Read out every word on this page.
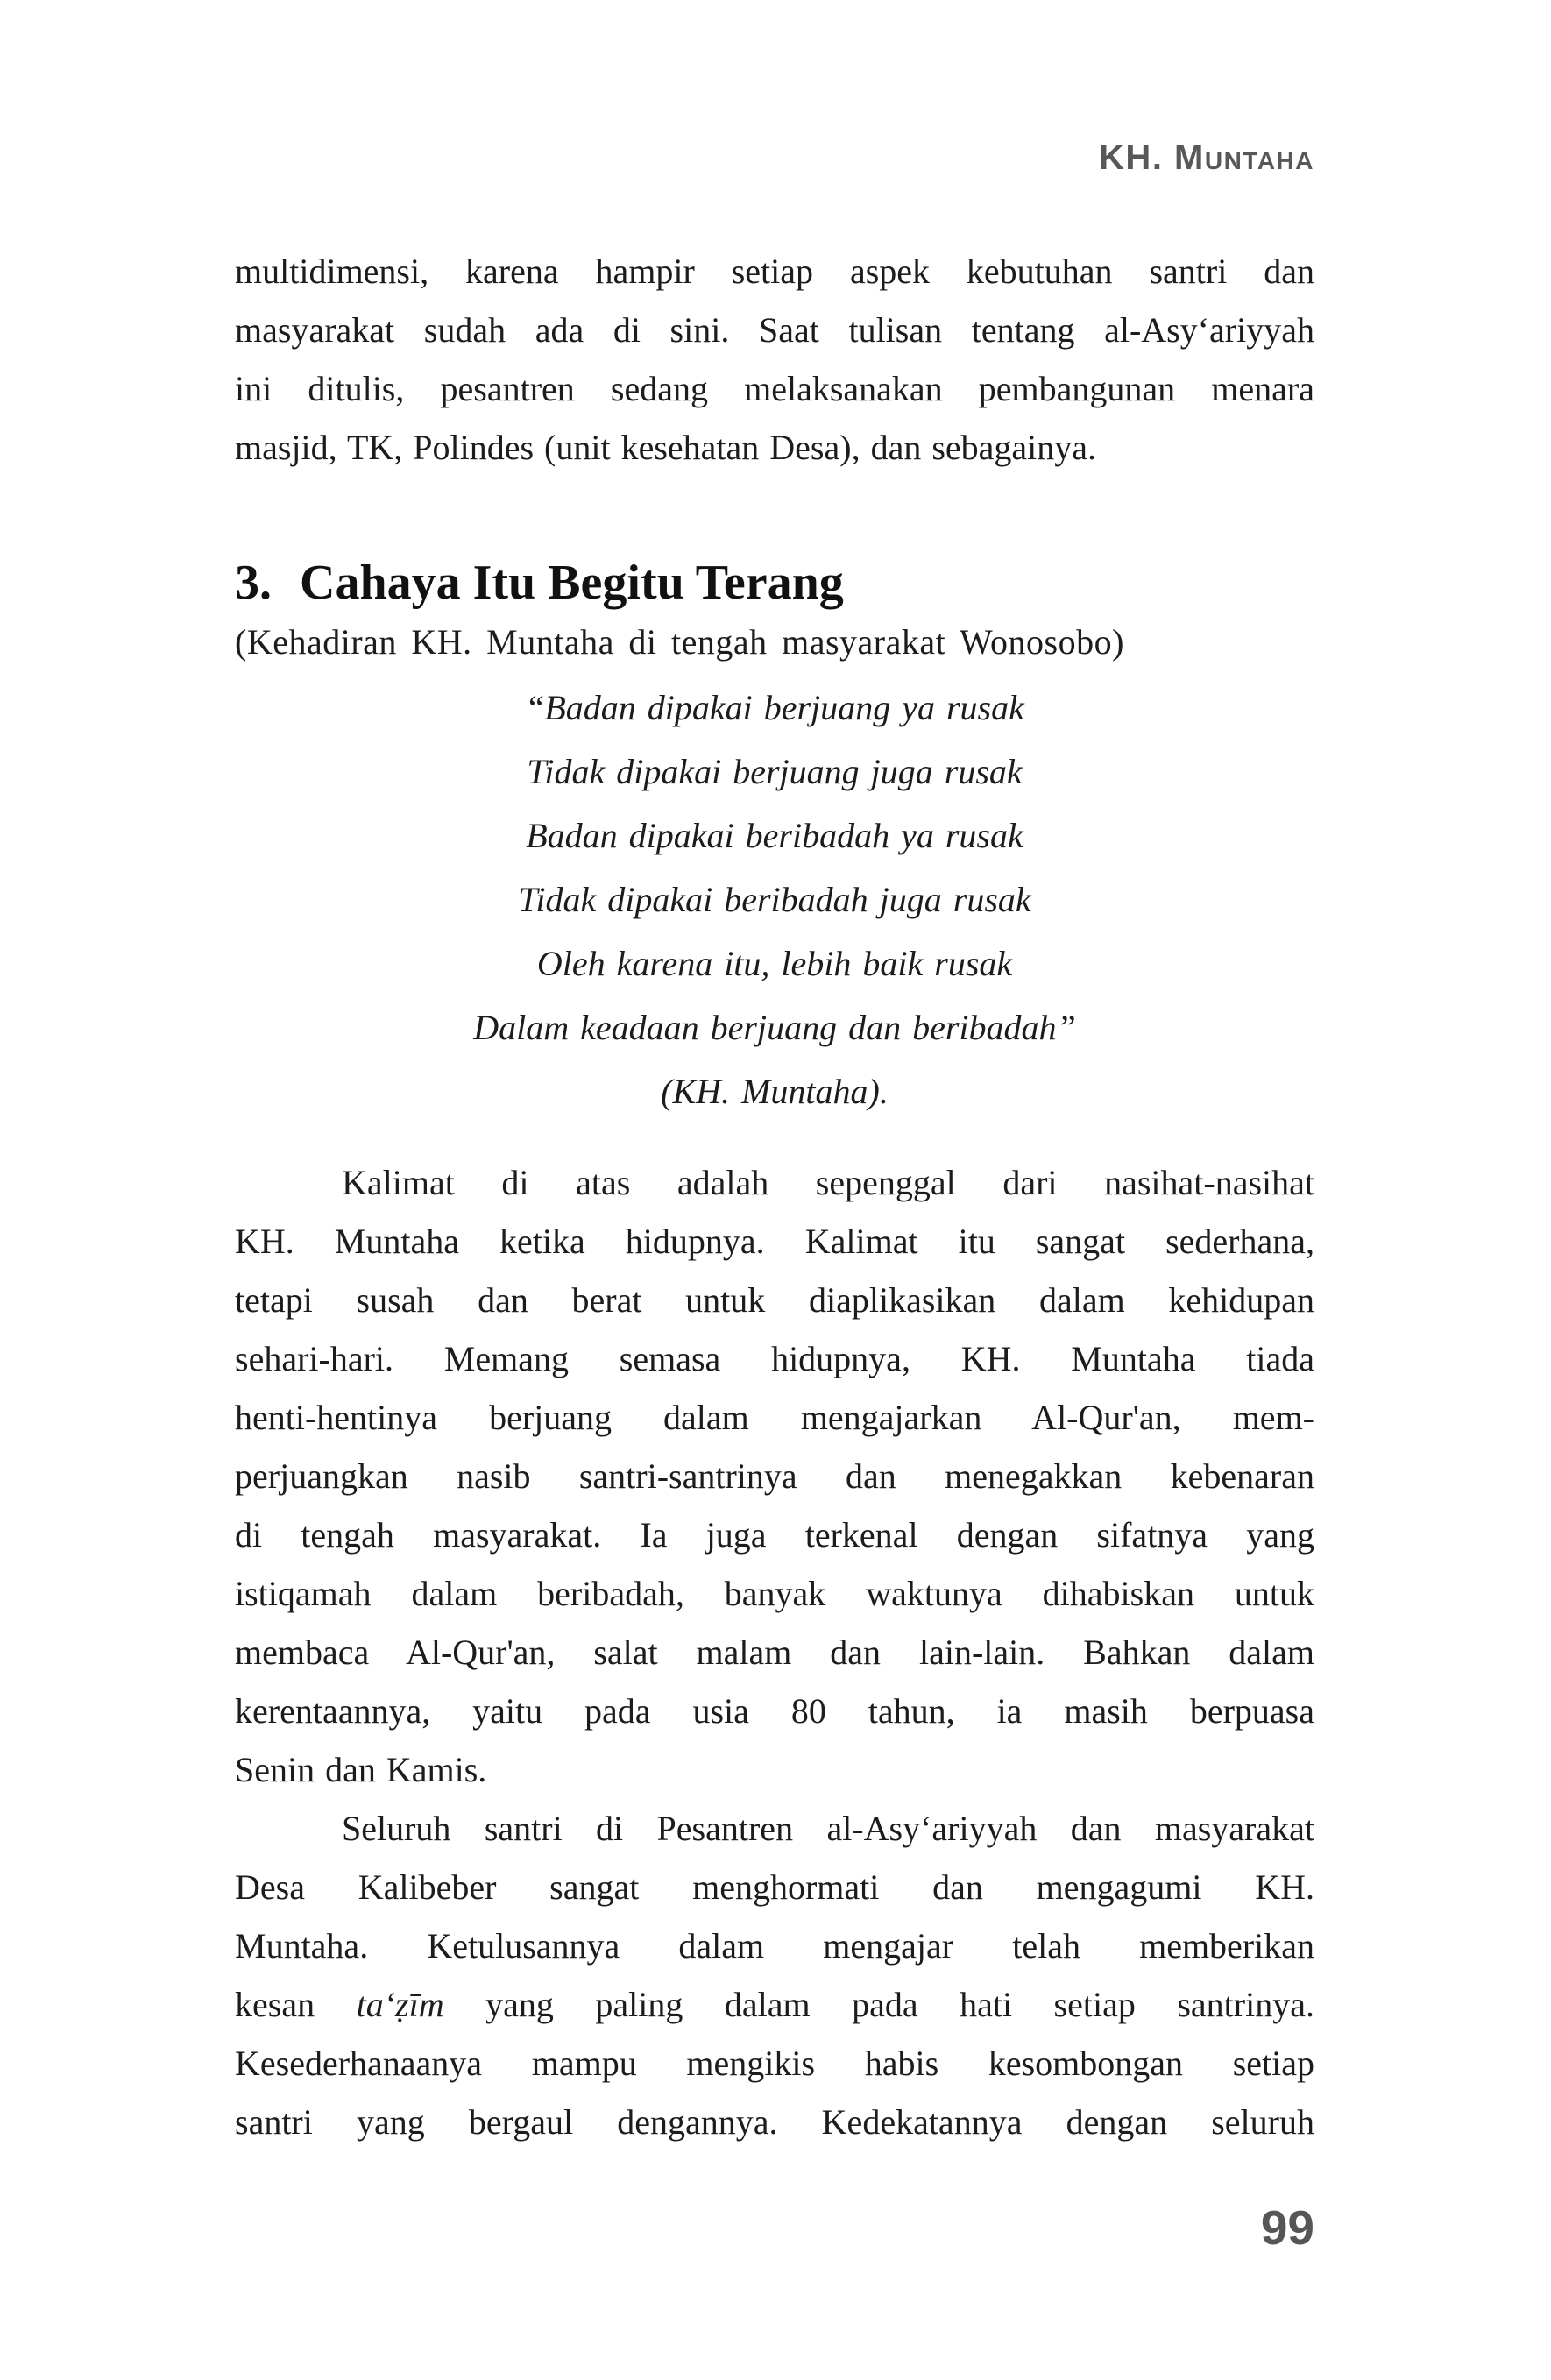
KH. Muntaha
multidimensi, karena hampir setiap aspek kebutuhan santri dan
masyarakat sudah ada di sini. Saat tulisan tentang al-Asy‘ariyyah
ini ditulis, pesantren sedang melaksanakan pembangunan menara
masjid, TK, Polindes (unit kesehatan Desa), dan sebagainya.
3. Cahaya Itu Begitu Terang
(Kehadiran KH. Muntaha di tengah masyarakat Wonosobo)
“Badan dipakai berjuang ya rusak
Tidak dipakai berjuang juga rusak
Badan dipakai beribadah ya rusak
Tidak dipakai beribadah juga rusak
Oleh karena itu, lebih baik rusak
Dalam keadaan berjuang dan beribadah”
(KH. Muntaha).
Kalimat di atas adalah sepenggal dari nasihat-nasihat
KH. Muntaha ketika hidupnya. Kalimat itu sangat sederhana,
tetapi susah dan berat untuk diaplikasikan dalam kehidupan
sehari-hari. Memang semasa hidupnya, KH. Muntaha tiada
henti-hentinya berjuang dalam mengajarkan Al-Qur'an, mem-
perjuangkan nasib santri-santrinya dan menegakkan kebenaran
di tengah masyarakat. Ia juga terkenal dengan sifatnya yang
istiqamah dalam beribadah, banyak waktunya dihabiskan untuk
membaca Al-Qur'an, salat malam dan lain-lain. Bahkan dalam
kerentaannya, yaitu pada usia 80 tahun, ia masih berpuasa
Senin dan Kamis.
Seluruh santri di Pesantren al-Asy‘ariyyah dan masyarakat
Desa Kalibeber sangat menghormati dan mengagumi KH.
Muntaha. Ketulusannya dalam mengajar telah memberikan
kesan ta‘ẓīm yang paling dalam pada hati setiap santrinya.
Kesederhanaanya mampu mengikis habis kesombongan setiap
santri yang bergaul dengannya. Kedekatannya dengan seluruh
99
